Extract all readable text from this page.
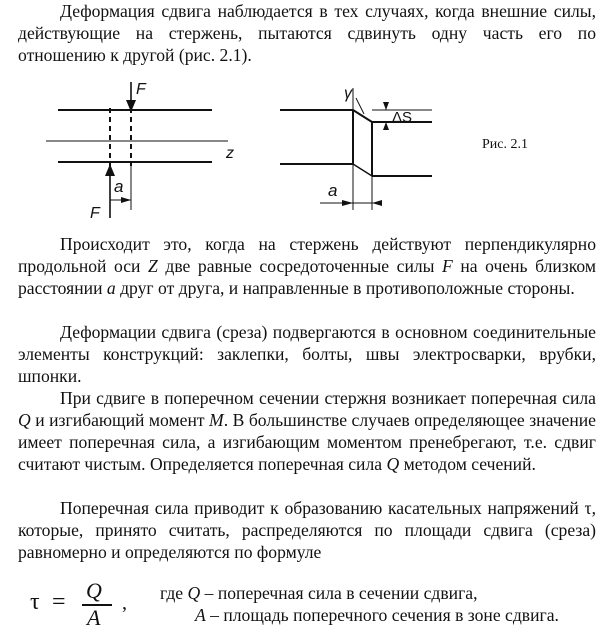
Деформация сдвига наблюдается в тех случаях, когда внешние силы, действующие на стержень, пытаются сдвинуть одну часть его по отношению к другой (рис. 2.1).

F
F
z
a	a
γ
ΔS
Рис. 2.1

Происходит это, когда на стержень действуют перпендикулярно продольной оси Z две равные сосредоточенные силы F на очень близком расстоянии a друг от друга, и направленные в противоположные стороны.

Деформации сдвига (среза) подвергаются в основном соединительные элементы конструкций: заклепки, болты, швы электросварки, врубки, шпонки.

При сдвиге в поперечном сечении стержня возникает поперечная сила Q и изгибающий момент M. В большинстве случаев определяющее значение имеет поперечная сила, а изгибающим моментом пренебрегают, т.е. сдвиг считают чистым. Определяется поперечная сила Q методом сечений.

Поперечная сила приводит к образованию касательных напряжений τ, которые, принято считать, распределяются по площади сдвига (среза) равномерно и определяются по формуле

τ = Q
A
, где Q – поперечная сила в сечении сдвига,
A – площадь поперечного сечения в зоне сдвига.
